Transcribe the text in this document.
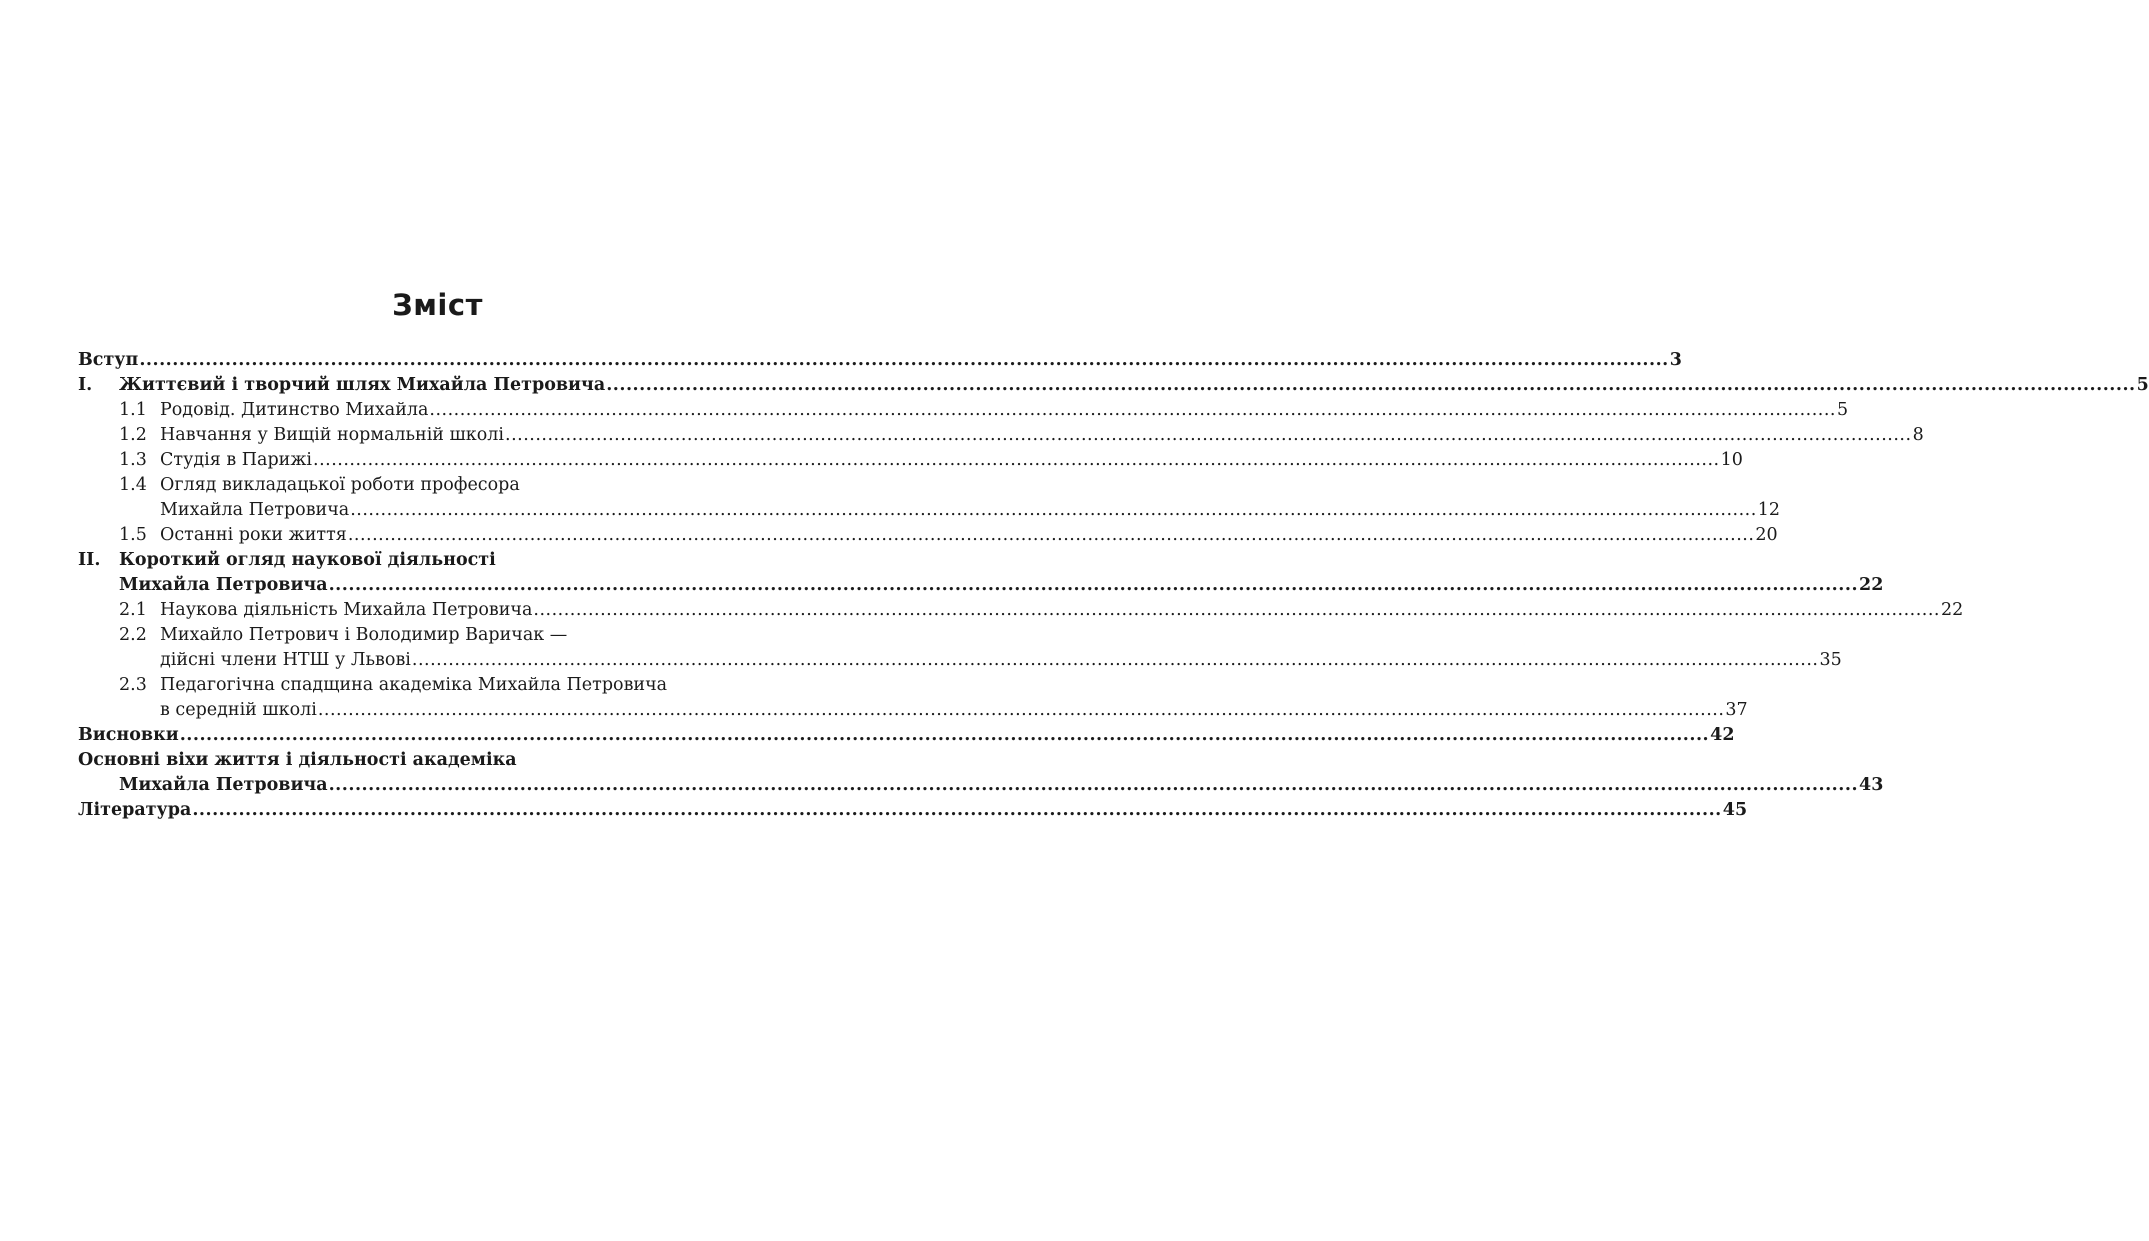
Зміст
Вступ .....	3
I.	Життєвий і творчий шлях Михайла Петровича .....	5
1.1 Родовід. Дитинство Михайла .....	5
1.2 Навчання у Вищій нормальній школі .....	8
1.3 Студія в Парижі .....	10
1.4 Огляд викладацької роботи професора
Михайла Петровича .....	12
1.5 Останні роки життя .....	20
II.	Короткий огляд наукової діяльності
Михайла Петровича .....	22
2.1 Наукова діяльність Михайла Петровича .....	22
2.2 Михайло Петрович і Володимир Варичак —
дійсні члени НТШ у Львові .....	35
2.3 Педагогічна спадщина академіка Михайла Петровича
в середній школі .....	37
Висновки .....	42
Основні віхи життя і діяльності академіка
Михайла Петровича .....	43
Література .....	45
